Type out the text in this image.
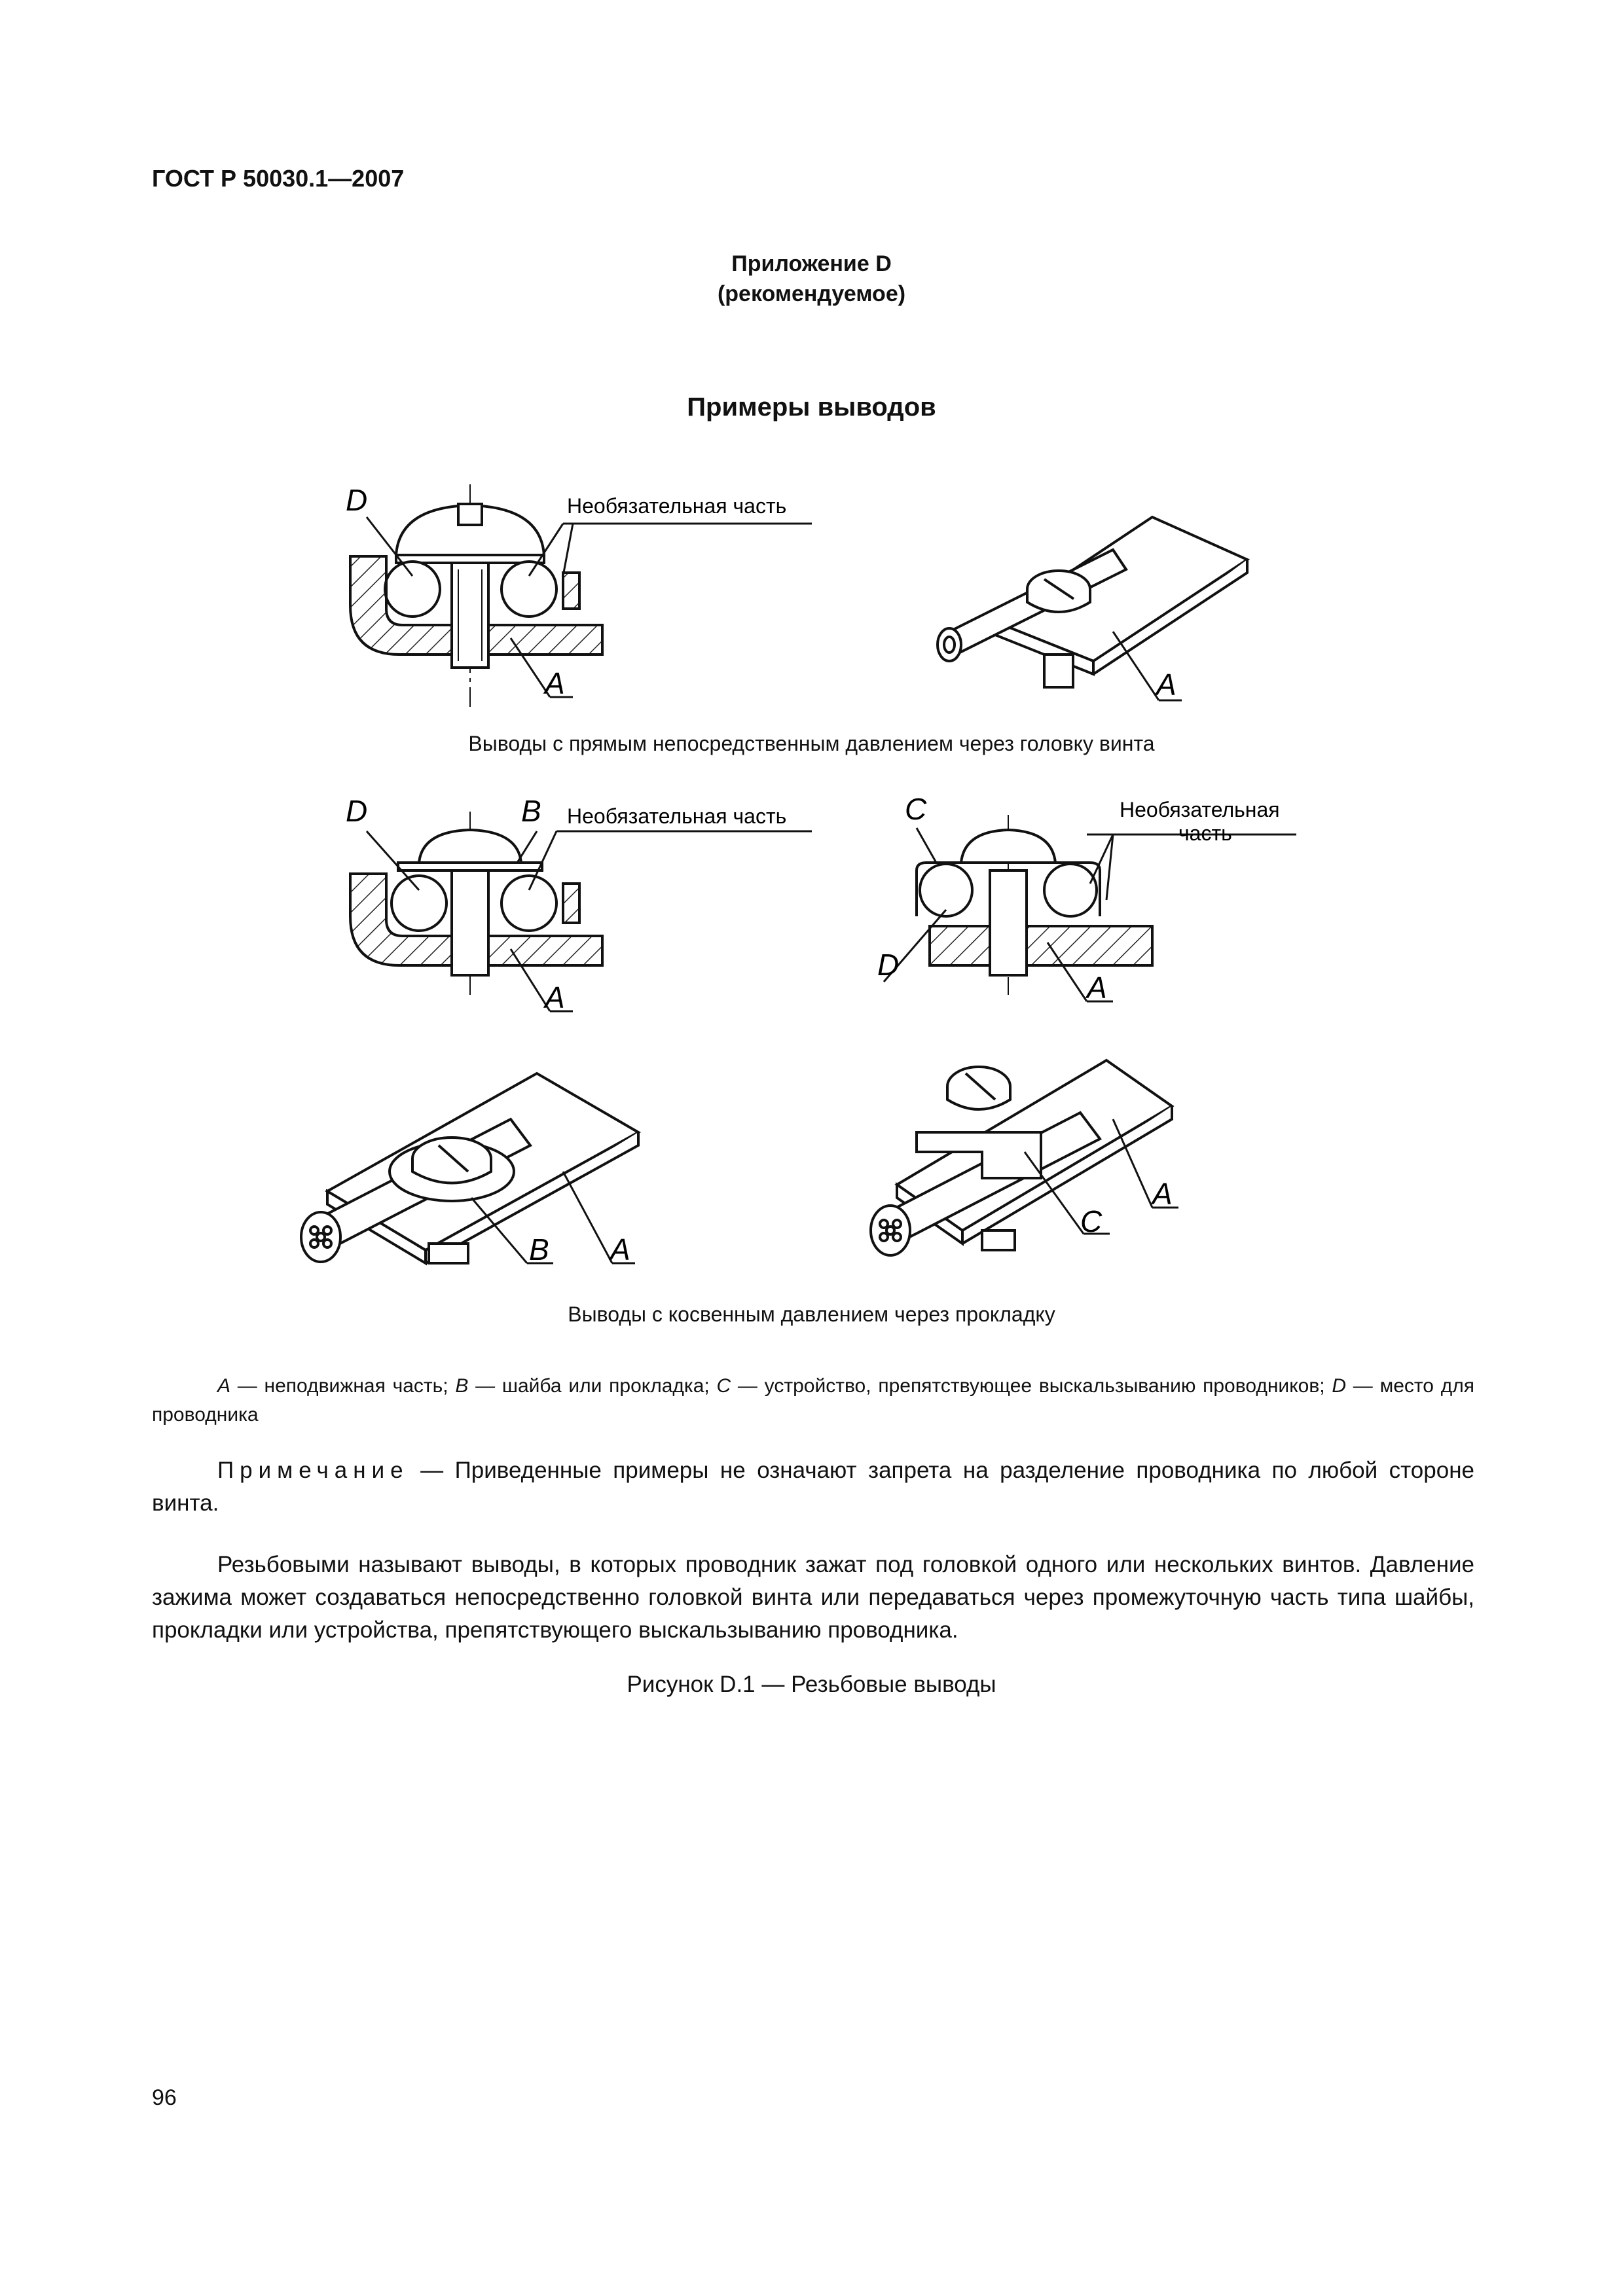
ГОСТ Р 50030.1—2007
Приложение D
(рекомендуемое)
Примеры выводов
D	Необязательная часть
A	A
D	B Необязательная часть
A
C	Необязательная
часть
D
A
B A
A
C
Выводы с прямым непосредственным давлением через головку винта
Выводы с косвенным давлением через прокладку
A — неподвижная часть; B — шайба или прокладка; C — устройство, препятствующее выскальзыванию проводников; D — место для проводника
Примечание — Приведенные примеры не означают запрета на разделение проводника по любой стороне винта.
Резьбовыми называют выводы, в которых проводник зажат под головкой одного или нескольких винтов. Давление зажима может создаваться непосредственно головкой винта или передаваться через промежуточную часть типа шайбы, прокладки или устройства, препятствующего выскальзыванию проводника.
Рисунок D.1 — Резьбовые выводы
96
